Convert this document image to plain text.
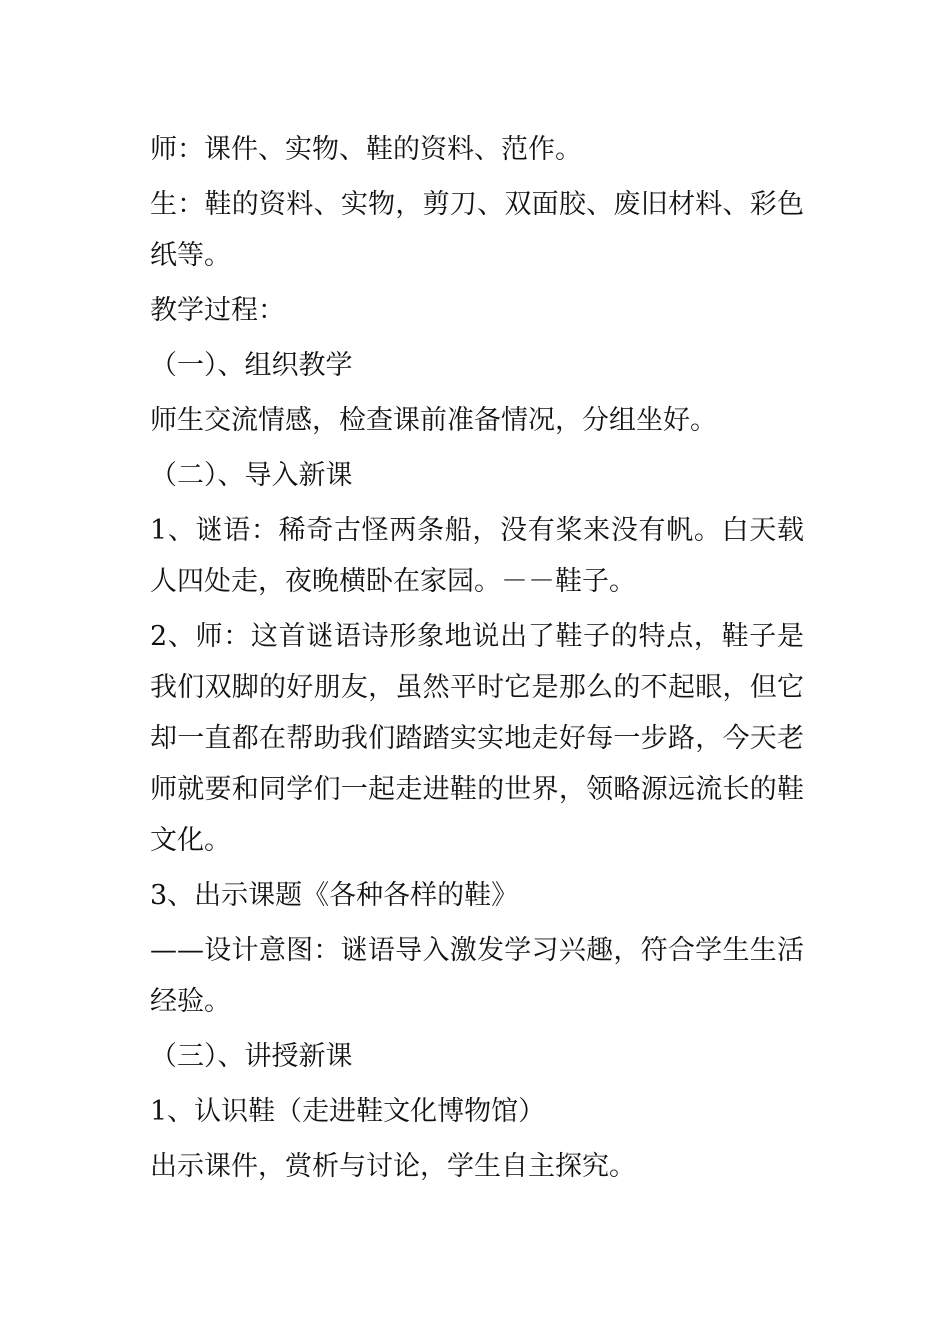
师：课件、实物、鞋的资料、范作。

生：鞋的资料、实物，剪刀、双面胶、废旧材料、彩色纸等。

教学过程：

（一）、组织教学

师生交流情感，检查课前准备情况，分组坐好。

（二）、导入新课

1、谜语：稀奇古怪两条船，没有桨来没有帆。白天载人四处走，夜晚横卧在家园。－－鞋子。

2、师：这首谜语诗形象地说出了鞋子的特点，鞋子是我们双脚的好朋友，虽然平时它是那么的不起眼，但它却一直都在帮助我们踏踏实实地走好每一步路，今天老师就要和同学们一起走进鞋的世界，领略源远流长的鞋文化。

3、出示课题《各种各样的鞋》

——设计意图：谜语导入激发学习兴趣，符合学生生活经验。

（三）、讲授新课

1、认识鞋（走进鞋文化博物馆）

出示课件，赏析与讨论，学生自主探究。
